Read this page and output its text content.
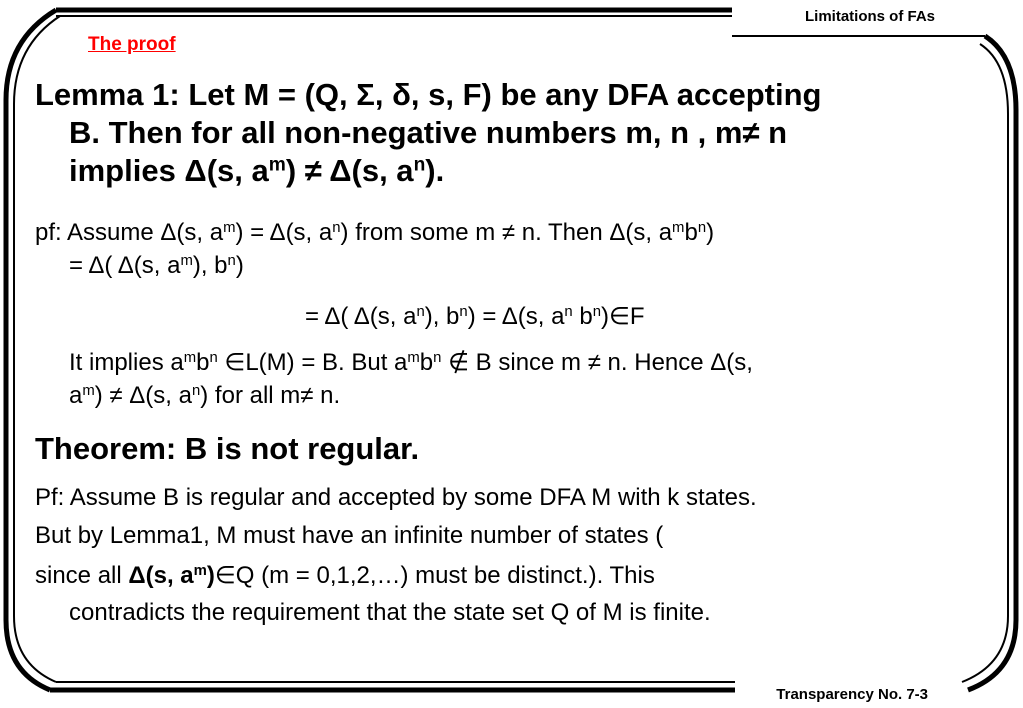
Limitations of FAs
Transparency No. 7-3
The proof
Lemma 1: Let M = (Q, Σ, δ, s, F) be any DFA accepting
B. Then for all non-negative numbers m, n , m≠ n
implies Δ(s, $a^m) \ne \Delta(s$, $a^n$).
pf: Assume Δ(s, $a^m) = \Delta(s$, $a^n$) from some m ≠ n. Then Δ(s, $a^mb^n$)
= Δ( Δ(s, $a^m$), $b^n$)
= Δ( Δ(s, $a^n$), $b^n) = \Delta(s$, $a^n$ $b^n)\in F$
It implies $a^mb^n$ ∈L(M) = B. But $a^mb^n$ ∉ B since m ≠ n. Hence Δ(s,
$a^m) \ne \Delta(s$, $a^n$) for all m≠ n.
Theorem: B is not regular.
Pf: Assume B is regular and accepted by some DFA M with k states.
But by Lemma1, M must have an infinite number of states (
since all Δ(s, $a^m)\in Q$ (m = 0,1,2,…) must be distinct.). This
contradicts the requirement that the state set Q of M is finite.
